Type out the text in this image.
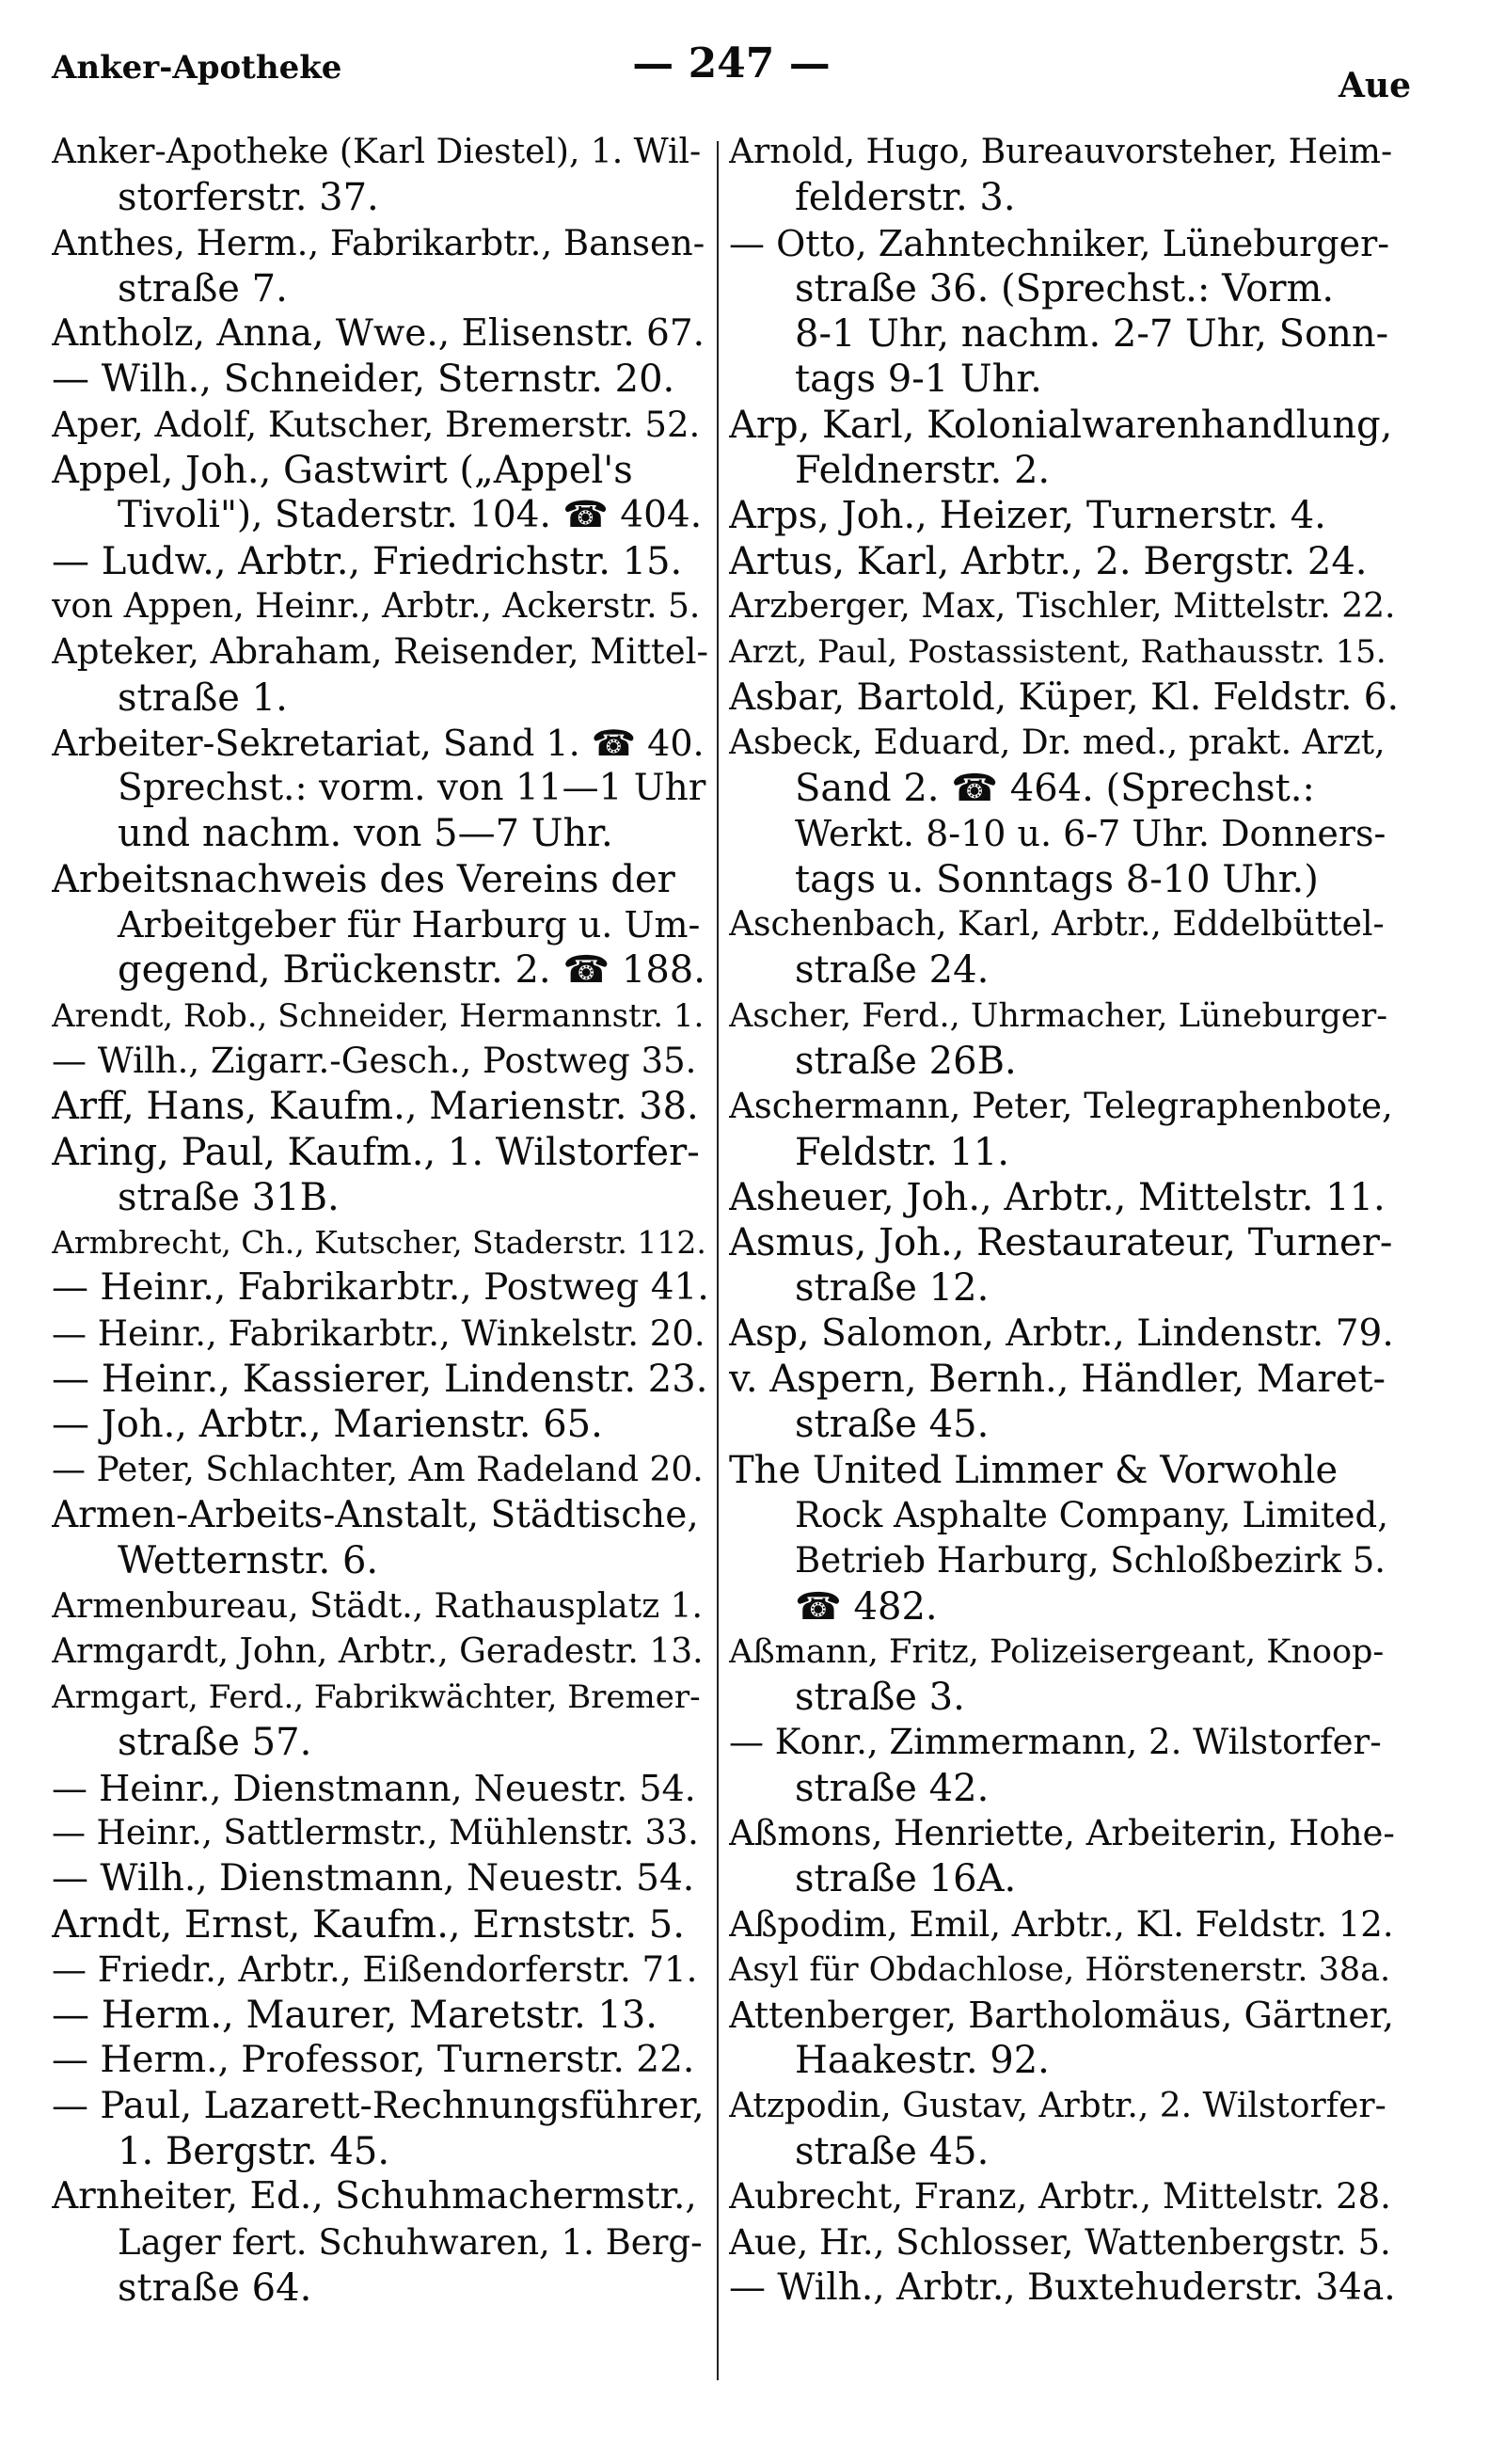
Anker-Apotheke	— 247 —	Aue
Anker-Apotheke (Karl Diestel), 1. Wil-
storferstr. 37.
Anthes, Herm., Fabrikarbtr., Bansen-
straße 7.
Antholz, Anna, Wwe., Elisenstr. 67.
— Wilh., Schneider, Sternstr. 20.
Aper, Adolf, Kutscher, Bremerstr. 52.
Appel, Joh., Gastwirt („Appel's
Tivoli"), Staderstr. 104. ☎ 404.
— Ludw., Arbtr., Friedrichstr. 15.
von Appen, Heinr., Arbtr., Ackerstr. 5.
Apteker, Abraham, Reisender, Mittel-
straße 1.
Arbeiter-Sekretariat, Sand 1. ☎ 40.
Sprechst.: vorm. von 11—1 Uhr
und nachm. von 5—7 Uhr.
Arbeitsnachweis des Vereins der
Arbeitgeber für Harburg u. Um-
gegend, Brückenstr. 2. ☎ 188.
Arendt, Rob., Schneider, Hermannstr. 1.
— Wilh., Zigarr.-Gesch., Postweg 35.
Arff, Hans, Kaufm., Marienstr. 38.
Aring, Paul, Kaufm., 1. Wilstorfer-
straße 31B.
Armbrecht, Ch., Kutscher, Staderstr. 112.
— Heinr., Fabrikarbtr., Postweg 41.
— Heinr., Fabrikarbtr., Winkelstr. 20.
— Heinr., Kassierer, Lindenstr. 23.
— Joh., Arbtr., Marienstr. 65.
— Peter, Schlachter, Am Radeland 20.
Armen-Arbeits-Anstalt, Städtische,
Wetternstr. 6.
Armenbureau, Städt., Rathausplatz 1.
Armgardt, John, Arbtr., Geradestr. 13.
Armgart, Ferd., Fabrikwächter, Bremer-
straße 57.
— Heinr., Dienstmann, Neuestr. 54.
— Heinr., Sattlermstr., Mühlenstr. 33.
— Wilh., Dienstmann, Neuestr. 54.
Arndt, Ernst, Kaufm., Ernststr. 5.
— Friedr., Arbtr., Eißendorferstr. 71.
— Herm., Maurer, Maretstr. 13.
— Herm., Professor, Turnerstr. 22.
— Paul, Lazarett-Rechnungsführer,
1. Bergstr. 45.
Arnheiter, Ed., Schuhmachermstr.,
Lager fert. Schuhwaren, 1. Berg-
straße 64.
Arnold, Hugo, Bureauvorsteher, Heim-
felderstr. 3.
— Otto, Zahntechniker, Lüneburger-
straße 36. (Sprechst.: Vorm.
8-1 Uhr, nachm. 2-7 Uhr, Sonn-
tags 9-1 Uhr.
Arp, Karl, Kolonialwarenhandlung,
Feldnerstr. 2.
Arps, Joh., Heizer, Turnerstr. 4.
Artus, Karl, Arbtr., 2. Bergstr. 24.
Arzberger, Max, Tischler, Mittelstr. 22.
Arzt, Paul, Postassistent, Rathausstr. 15.
Asbar, Bartold, Küper, Kl. Feldstr. 6.
Asbeck, Eduard, Dr. med., prakt. Arzt,
Sand 2. ☎ 464. (Sprechst.:
Werkt. 8-10 u. 6-7 Uhr. Donners-
tags u. Sonntags 8-10 Uhr.)
Aschenbach, Karl, Arbtr., Eddelbüttel-
straße 24.
Ascher, Ferd., Uhrmacher, Lüneburger-
straße 26B.
Aschermann, Peter, Telegraphenbote,
Feldstr. 11.
Asheuer, Joh., Arbtr., Mittelstr. 11.
Asmus, Joh., Restaurateur, Turner-
straße 12.
Asp, Salomon, Arbtr., Lindenstr. 79.
v. Aspern, Bernh., Händler, Maret-
straße 45.
The United Limmer & Vorwohle
Rock Asphalte Company, Limited,
Betrieb Harburg, Schloßbezirk 5.
☎ 482.
Aßmann, Fritz, Polizeisergeant, Knoop-
straße 3.
— Konr., Zimmermann, 2. Wilstorfer-
straße 42.
Aßmons, Henriette, Arbeiterin, Hohe-
straße 16A.
Aßpodim, Emil, Arbtr., Kl. Feldstr. 12.
Asyl für Obdachlose, Hörstenerstr. 38a.
Attenberger, Bartholomäus, Gärtner,
Haakestr. 92.
Atzpodin, Gustav, Arbtr., 2. Wilstorfer-
straße 45.
Aubrecht, Franz, Arbtr., Mittelstr. 28.
Aue, Hr., Schlosser, Wattenbergstr. 5.
— Wilh., Arbtr., Buxtehuderstr. 34a.
